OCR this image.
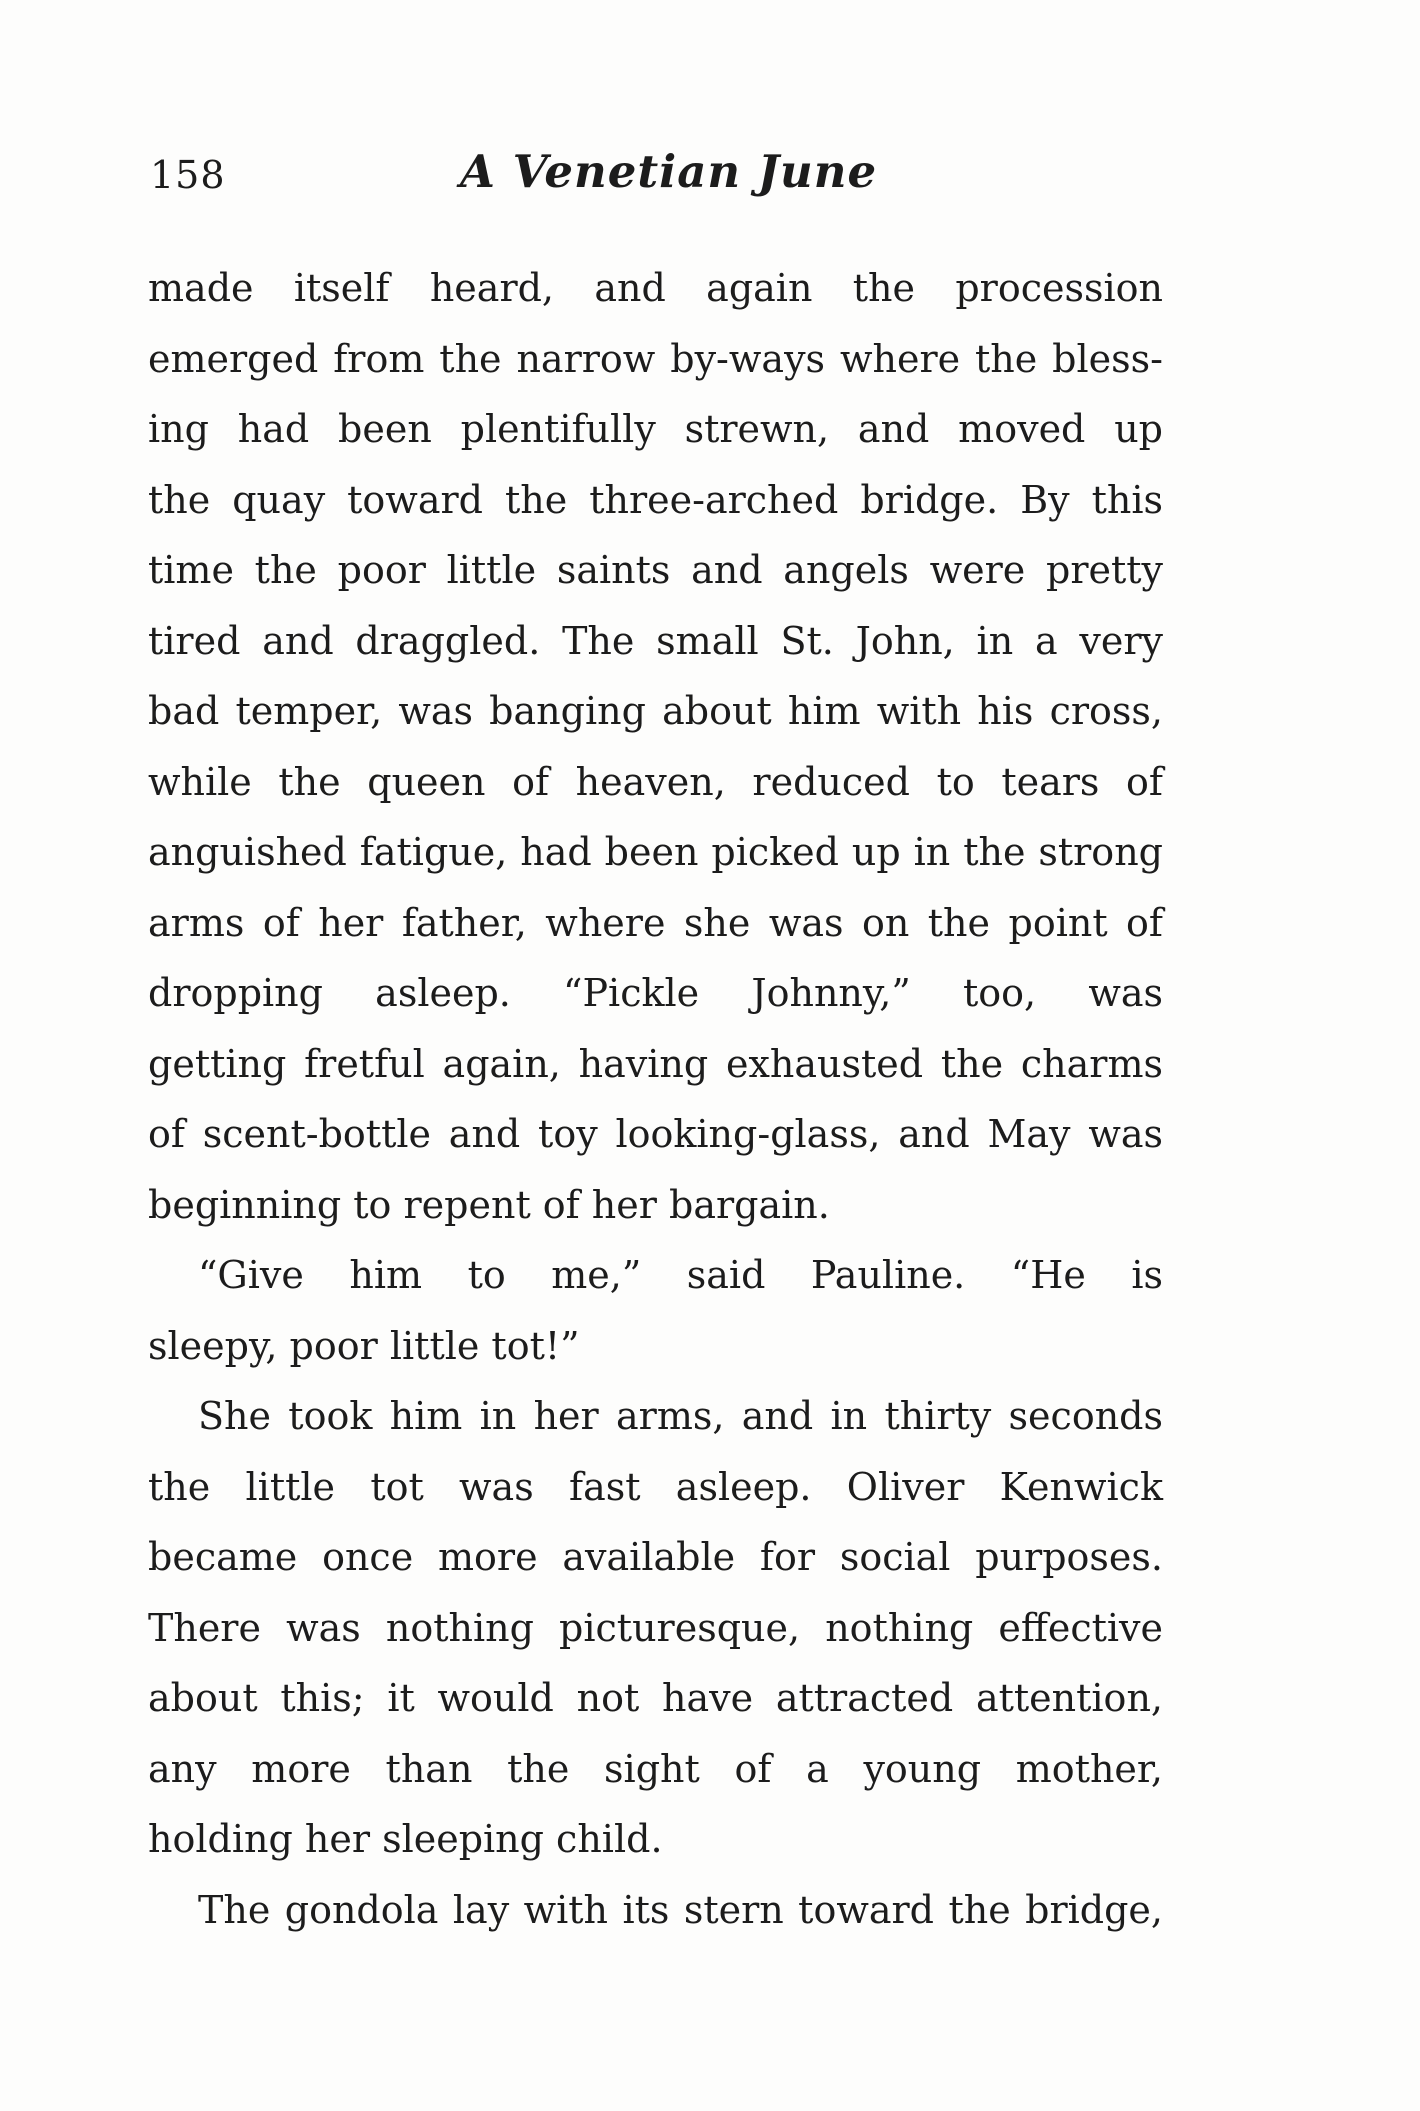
158	A Venetian June
made itself heard, and again the procession
emerged from the narrow by-ways where the bless-
ing had been plentifully strewn, and moved up
the quay toward the three-arched bridge. By this
time the poor little saints and angels were pretty
tired and draggled. The small St. John, in a very
bad temper, was banging about him with his cross,
while the queen of heaven, reduced to tears of
anguished fatigue, had been picked up in the strong
arms of her father, where she was on the point of
dropping asleep. “Pickle Johnny,” too, was
getting fretful again, having exhausted the charms
of scent-bottle and toy looking-glass, and May was
beginning to repent of her bargain.
“Give him to me,” said Pauline. “He is
sleepy, poor little tot!”
She took him in her arms, and in thirty seconds
the little tot was fast asleep. Oliver Kenwick
became once more available for social purposes.
There was nothing picturesque, nothing effective
about this; it would not have attracted attention,
any more than the sight of a young mother,
holding her sleeping child.
The gondola lay with its stern toward the bridge,
